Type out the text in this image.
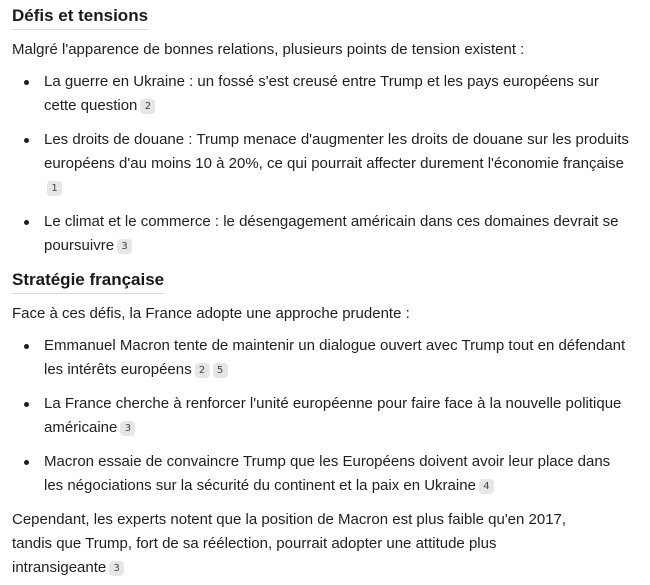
Défis et tensions

Malgré l'apparence de bonnes relations, plusieurs points de tension existent :

La guerre en Ukraine : un fossé s'est creusé entre Trump et les pays européens sur cette question 2
Les droits de douane : Trump menace d'augmenter les droits de douane sur les produits européens d'au moins 10 à 20%, ce qui pourrait affecter durement l'économie française1
Le climat et le commerce : le désengagement américain dans ces domaines devrait se poursuivre 3
Stratégie française

Face à ces défis, la France adopte une approche prudente :

Emmanuel Macron tente de maintenir un dialogue ouvert avec Trump tout en défendant les intérêts européens 2 5
La France cherche à renforcer l'unité européenne pour faire face à la nouvelle politique américaine 3
Macron essaie de convaincre Trump que les Européens doivent avoir leur place dans les négociations sur la sécurité du continent et la paix en Ukraine 4

Cependant, les experts notent que la position de Macron est plus faible qu'en 2017, tandis que Trump, fort de sa réélection, pourrait adopter une attitude plus intransigeante 3
